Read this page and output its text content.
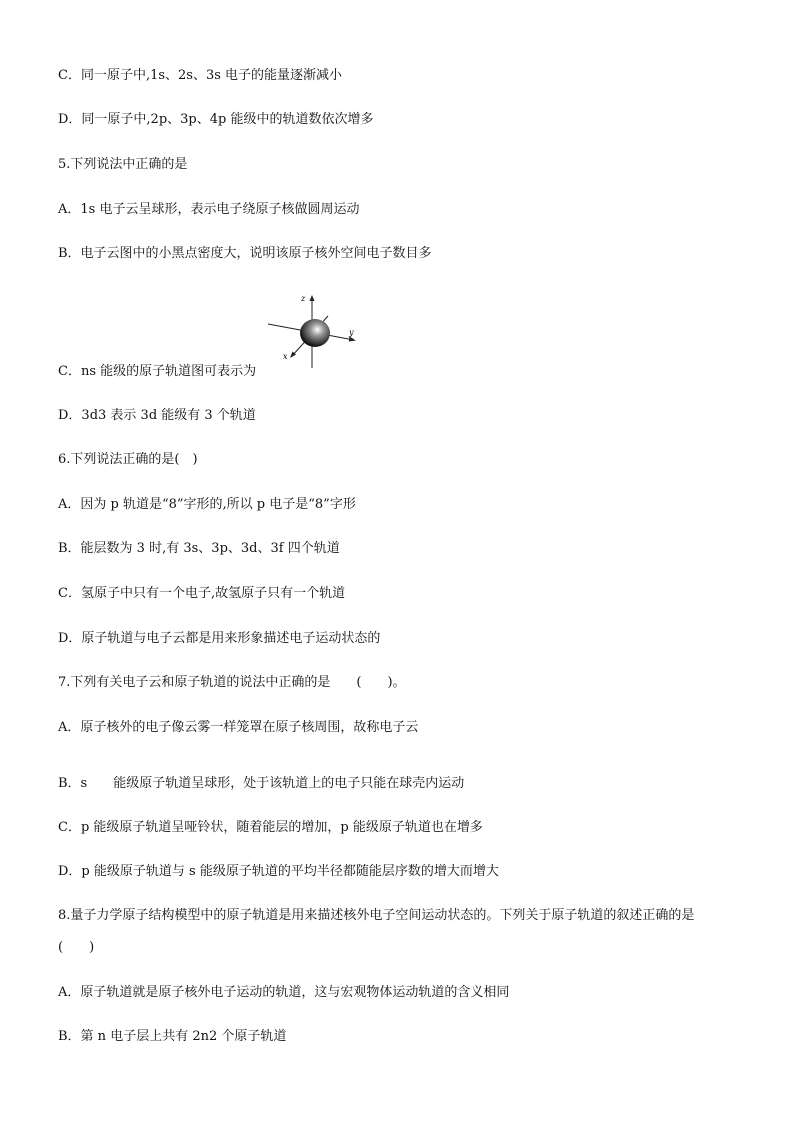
C．同一原子中,1s、2s、3s 电子的能量逐渐减小
D．同一原子中,2p、3p、4p 能级中的轨道数依次增多
5.下列说法中正确的是
A．1s 电子云呈球形，表示电子绕原子核做圆周运动
B．电子云图中的小黑点密度大，说明该原子核外空间电子数目多
z
y
x
C．ns 能级的原子轨道图可表示为
D．3d3 表示 3d 能级有 3 个轨道
6.下列说法正确的是(　)
A．因为 p 轨道是“8”字形的,所以 p 电子是“8”字形
B．能层数为 3 时,有 3s、3p、3d、3f 四个轨道
C．氢原子中只有一个电子,故氢原子只有一个轨道
D．原子轨道与电子云都是用来形象描述电子运动状态的
7.下列有关电子云和原子轨道的说法中正确的是　　(　　)。
A．原子核外的电子像云雾一样笼罩在原子核周围，故称电子云
B．s　　能级原子轨道呈球形，处于该轨道上的电子只能在球壳内运动
C．p 能级原子轨道呈哑铃状，随着能层的增加，p 能级原子轨道也在增多
D．p 能级原子轨道与 s 能级原子轨道的平均半径都随能层序数的增大而增大
8.量子力学原子结构模型中的原子轨道是用来描述核外电子空间运动状态的。下列关于原子轨道的叙述正确的是
(　　)
A．原子轨道就是原子核外电子运动的轨道，这与宏观物体运动轨道的含义相同
B．第 n 电子层上共有 2n2 个原子轨道
